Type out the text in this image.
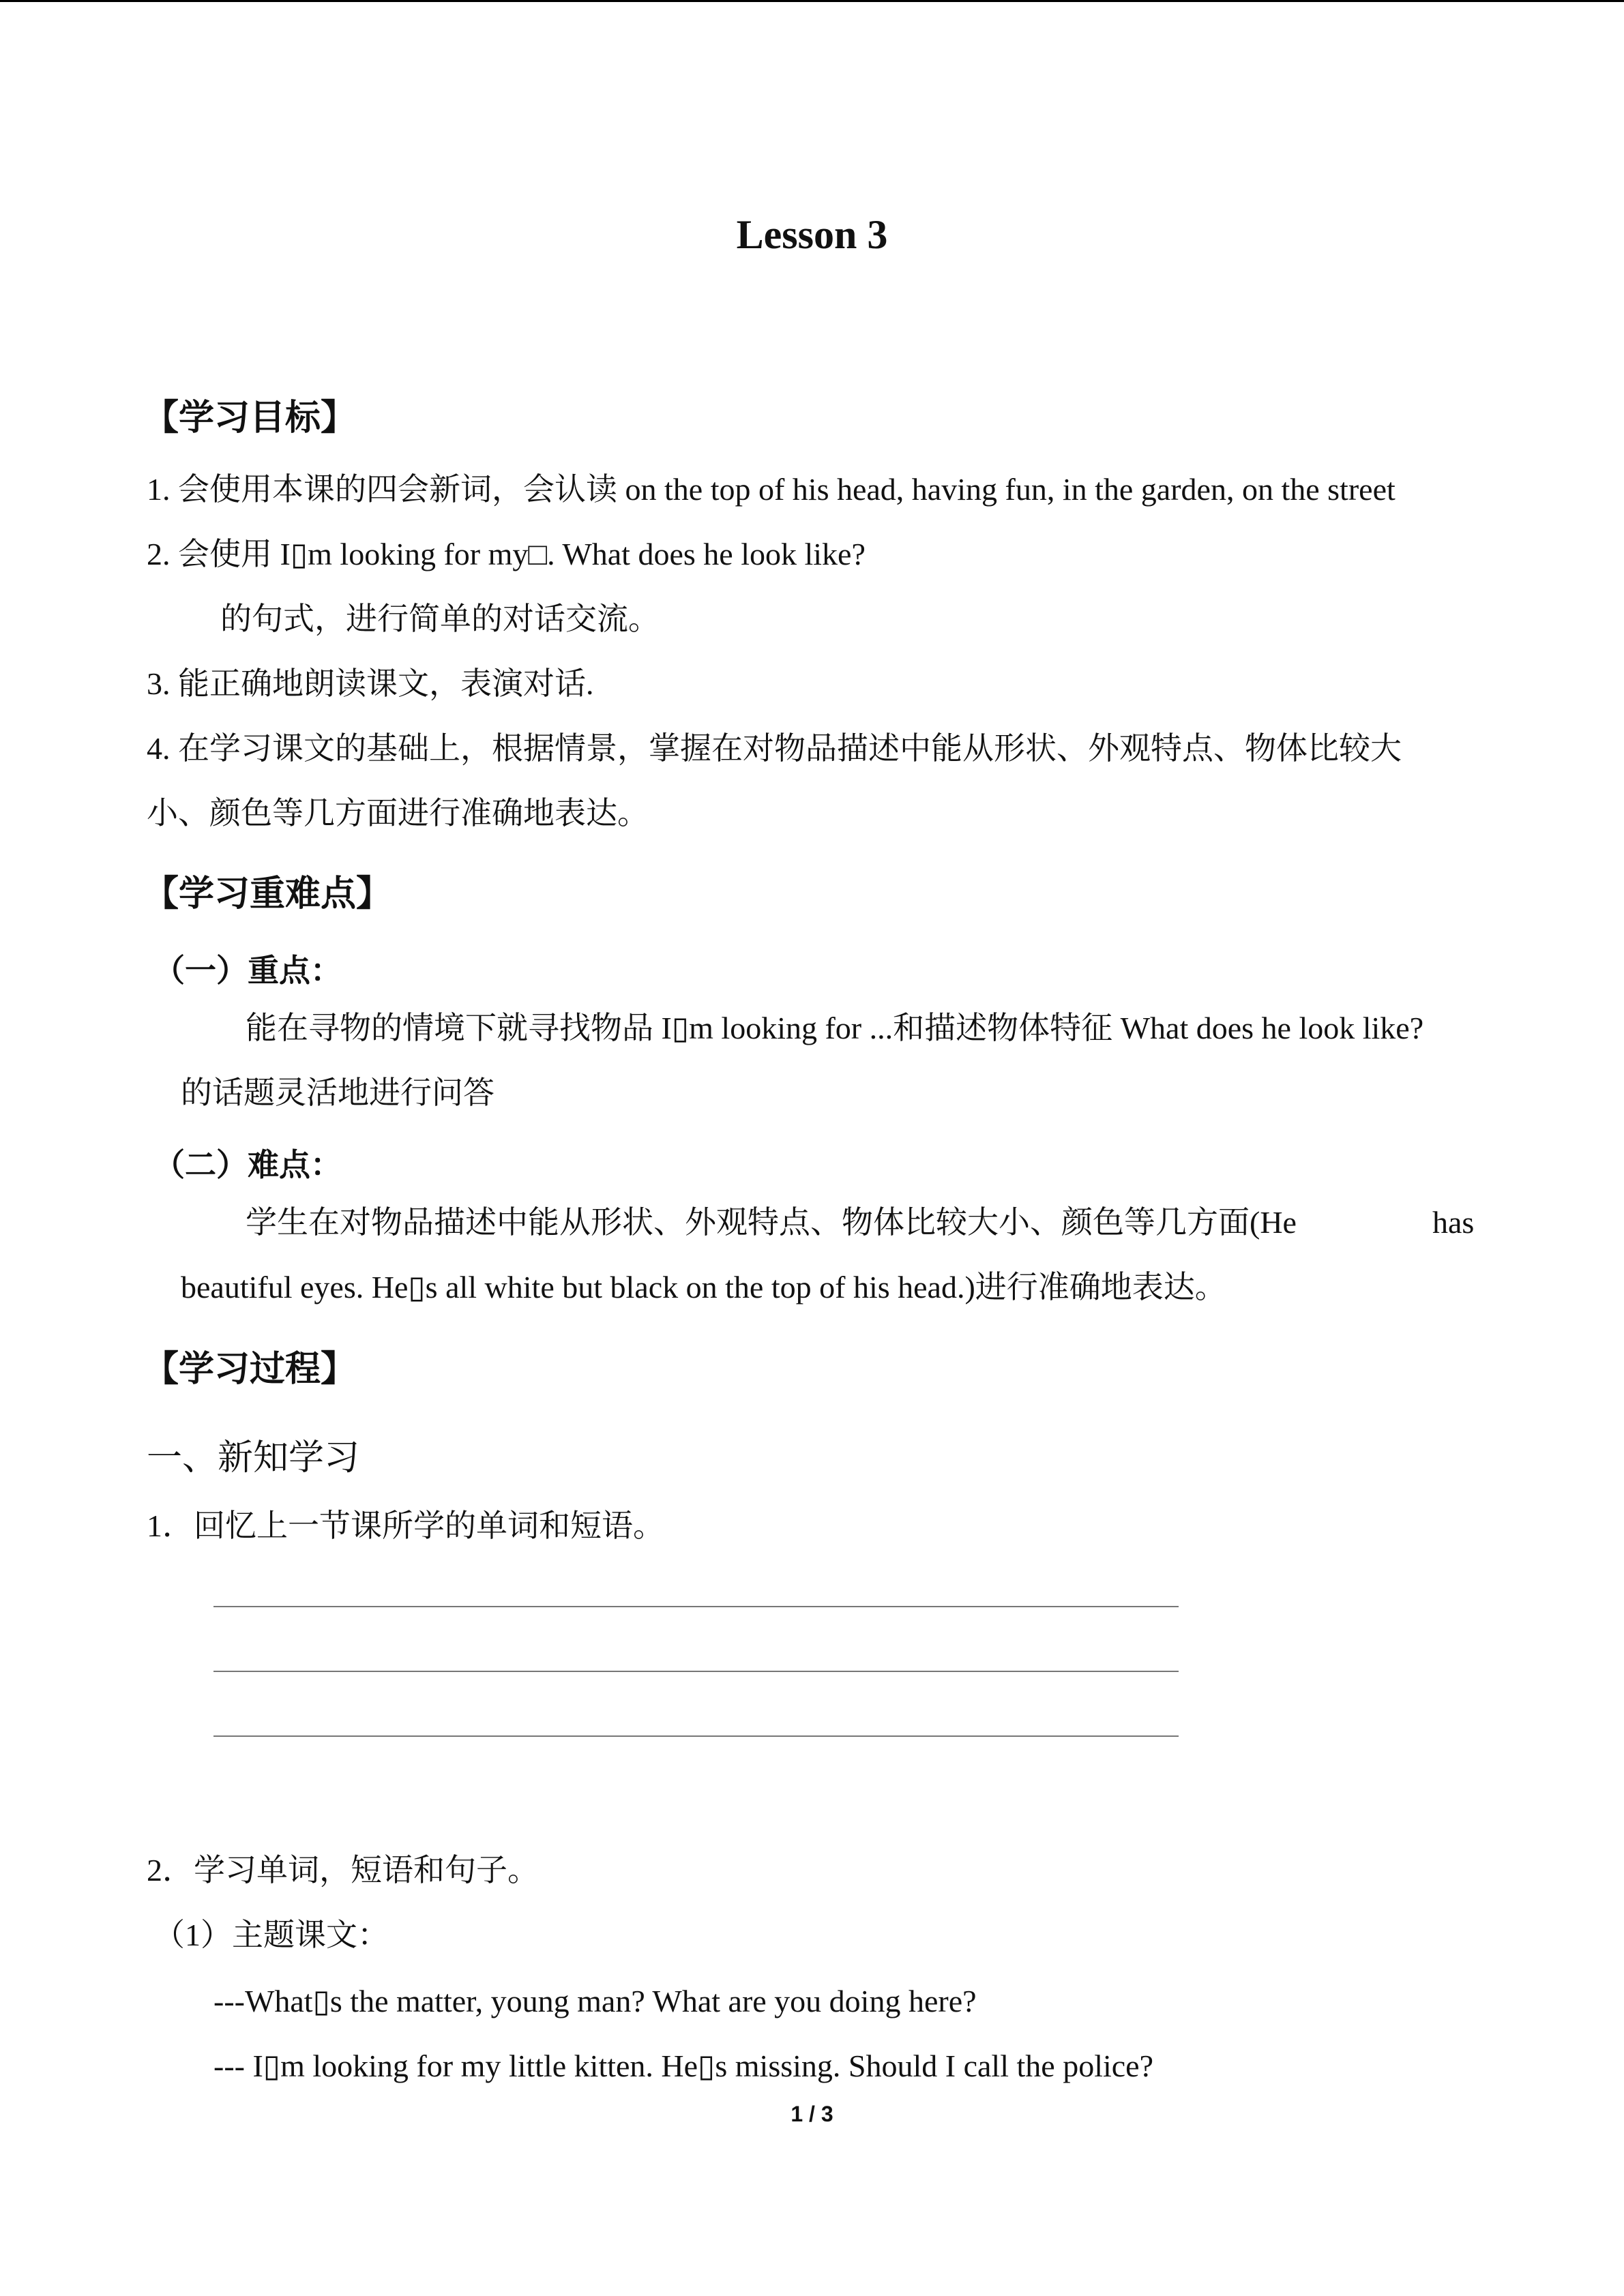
Lesson 3
【学习目标】
1. 会使用本课的四会新词，会认读 on the top of his head, having fun, in the garden, on the street
2. 会使用 I▯m looking for my□. What does he look like?
的句式，进行简单的对话交流。
3. 能正确地朗读课文，表演对话.
4. 在学习课文的基础上，根据情景，掌握在对物品描述中能从形状、外观特点、物体比较大
小、颜色等几方面进行准确地表达。
【学习重难点】
（一）重点：
能在寻物的情境下就寻找物品 I▯m looking for ...和描述物体特征 What does he look like?
的话题灵活地进行问答
（二）难点：
学生在对物品描述中能从形状、外观特点、物体比较大小、颜色等几方面(He	has
beautiful eyes. He▯s all white but black on the top of his head.)进行准确地表达。
【学习过程】
一、新知学习
1．回忆上一节课所学的单词和短语。
2．学习单词，短语和句子。
（1）主题课文：
---What▯s the matter, young man? What are you doing here?
--- I▯m looking for my little kitten. He▯s missing. Should I call the police?
1 / 3
